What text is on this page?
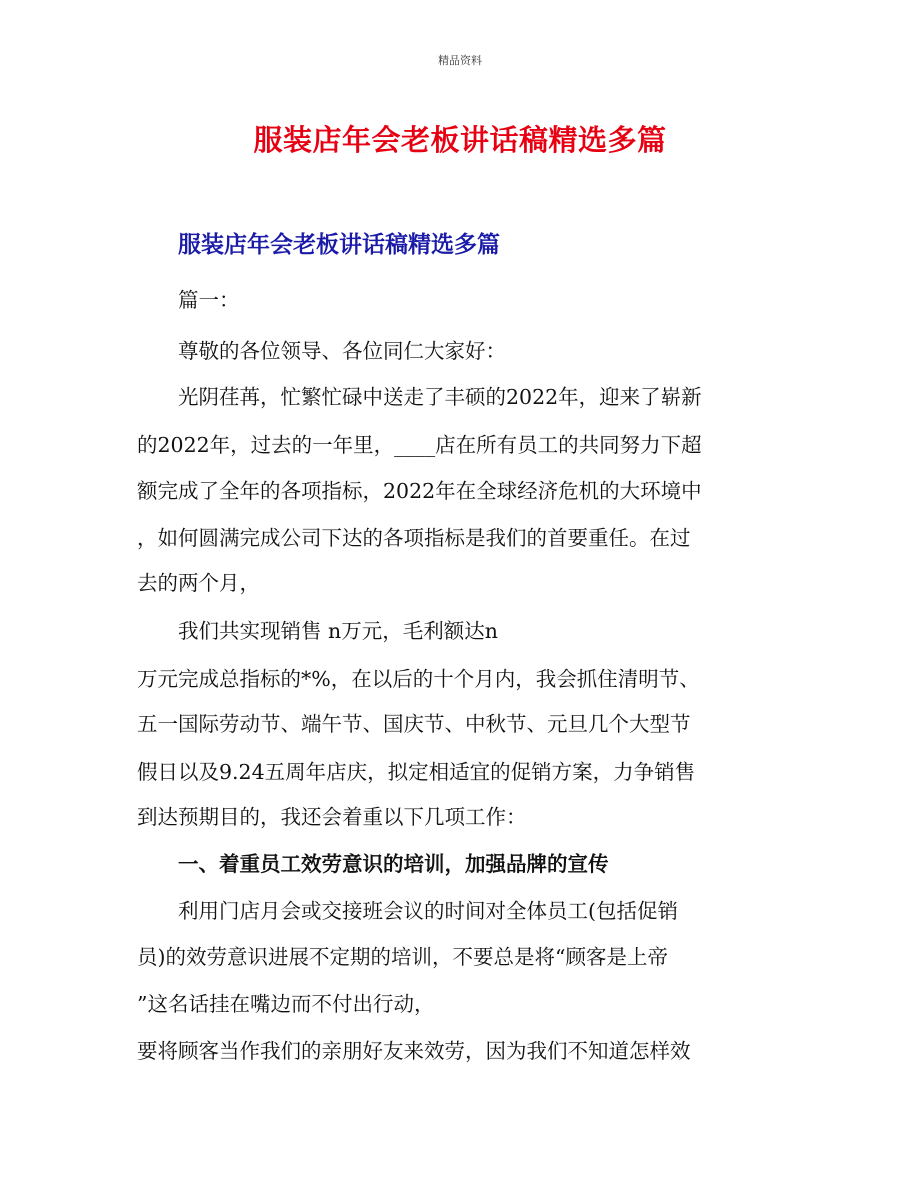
精品资料
服装店年会老板讲话稿精选多篇
服装店年会老板讲话稿精选多篇
篇一：
尊敬的各位领导、各位同仁大家好：
光阴荏苒，忙繁忙碌中送走了丰硕的2022年，迎来了崭新
的2022年，过去的一年里，____店在所有员工的共同努力下超
额完成了全年的各项指标，2022年在全球经济危机的大环境中
，如何圆满完成公司下达的各项指标是我们的首要重任。在过
去的两个月，
我们共实现销售 n万元，毛利额达n
万元完成总指标的*%，在以后的十个月内，我会抓住清明节、
五一国际劳动节、端午节、国庆节、中秋节、元旦几个大型节
假日以及9.24五周年店庆，拟定相适宜的促销方案，力争销售
到达预期目的，我还会着重以下几项工作：
一、着重员工效劳意识的培训，加强品牌的宣传
利用门店月会或交接班会议的时间对全体员工(包括促销
员)的效劳意识进展不定期的培训，不要总是将“顾客是上帝
”这名话挂在嘴边而不付出行动，
要将顾客当作我们的亲朋好友来效劳，因为我们不知道怎样效
